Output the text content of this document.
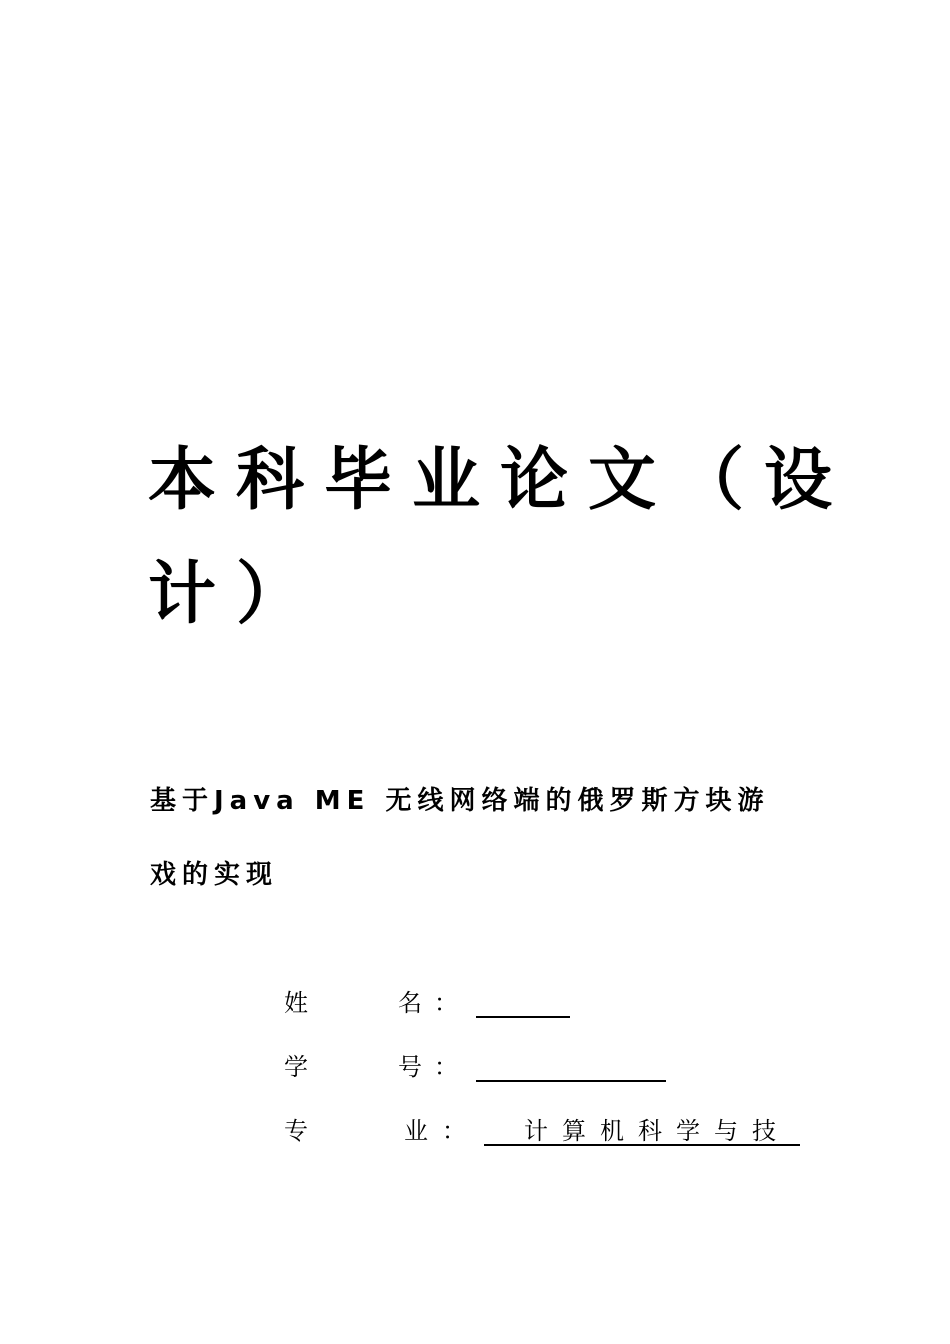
本科毕业论文（设
计）
基于Java ME 无线网络端的俄罗斯方块游
戏的实现
姓	名 ：
学	号 ：
专	业 ：	计算机科学与技
